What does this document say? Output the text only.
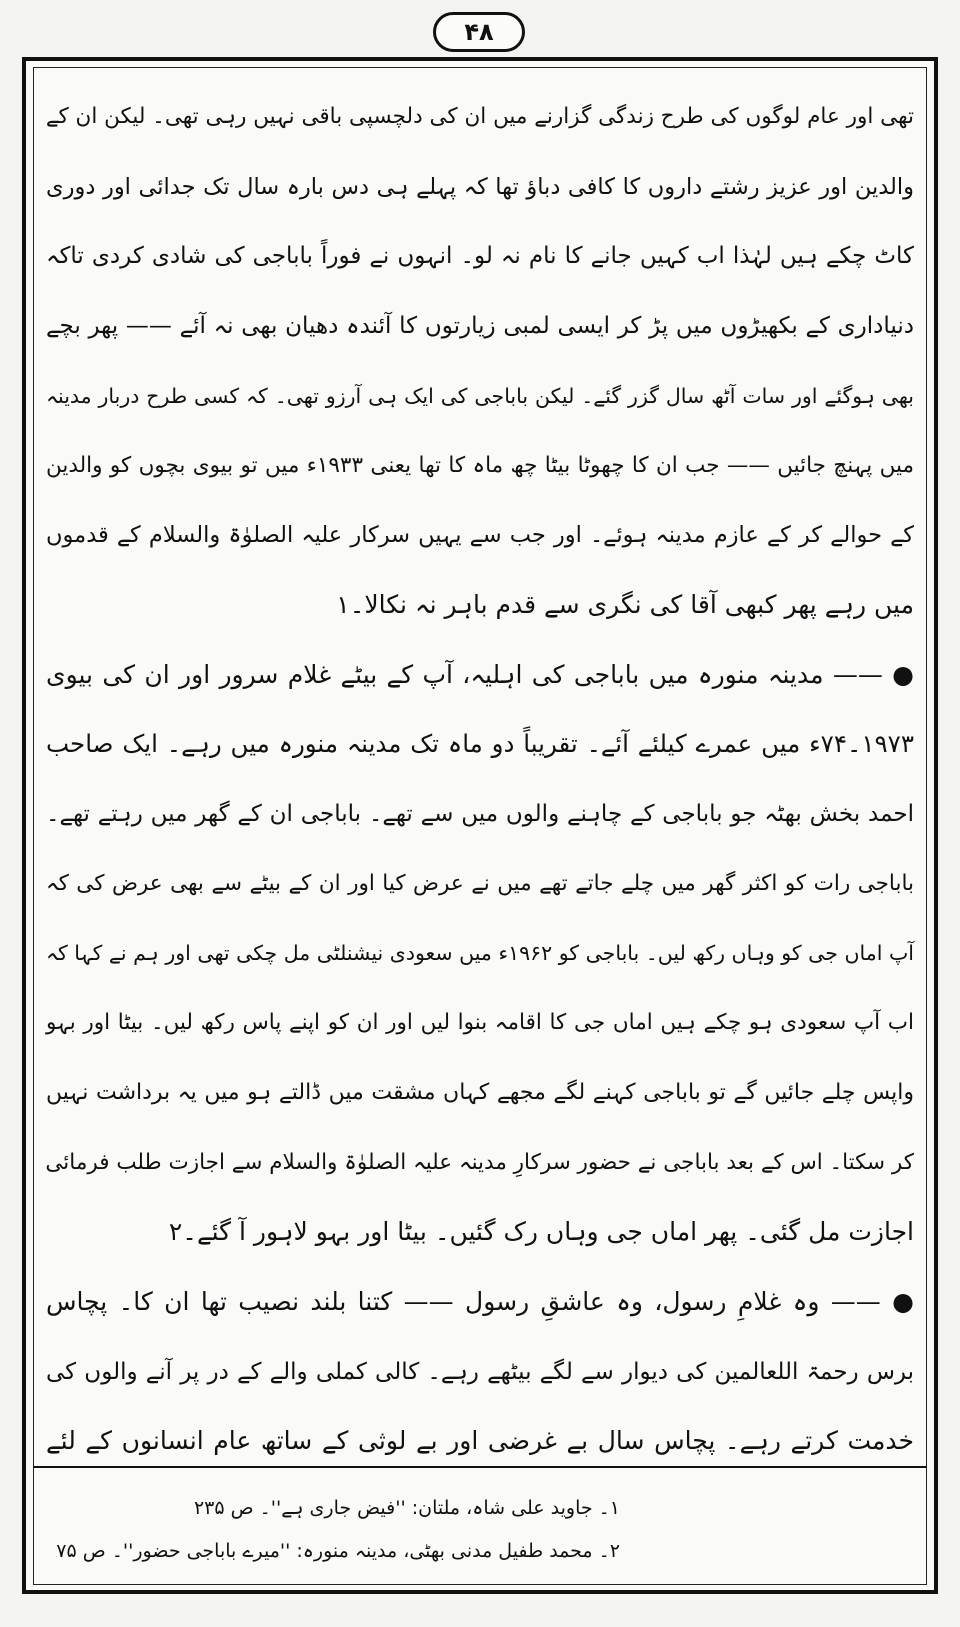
۴۸
تھی اور عام لوگوں کی طرح زندگی گزارنے میں ان کی دلچسپی باقی نہیں رہی تھی۔ لیکن ان کے
والدین اور عزیز رشتے داروں کا کافی دباؤ تھا کہ پہلے ہی دس بارہ سال تک جدائی اور دوری
کاٹ چکے ہیں لہٰذا اب کہیں جانے کا نام نہ لو۔ انہوں نے فوراً باباجی کی شادی کردی تاکہ
دنیاداری کے بکھیڑوں میں پڑ کر ایسی لمبی زیارتوں کا آئندہ دھیان بھی نہ آئے —— پھر بچے
بھی ہوگئے اور سات آٹھ سال گزر گئے۔ لیکن باباجی کی ایک ہی آرزو تھی۔ کہ کسی طرح دربار مدینہ
میں پہنچ جائیں —— جب ان کا چھوٹا بیٹا چھ ماہ کا تھا یعنی ۱۹۳۳ء میں تو بیوی بچوں کو والدین
کے حوالے کر کے عازم مدینہ ہوئے۔ اور جب سے یہیں سرکار علیہ الصلوٰۃ والسلام کے قدموں
میں رہے پھر کبھی آقا کی نگری سے قدم باہر نہ نکالا۔۱
● —— مدینہ منورہ میں باباجی کی اہلیہ، آپ کے بیٹے غلام سرور اور ان کی بیوی
۱۹۷۳۔۷۴ء میں عمرے کیلئے آئے۔ تقریباً دو ماہ تک مدینہ منورہ میں رہے۔ ایک صاحب
احمد بخش بھٹہ جو باباجی کے چاہنے والوں میں سے تھے۔ باباجی ان کے گھر میں رہتے تھے۔
باباجی رات کو اکثر گھر میں چلے جاتے تھے میں نے عرض کیا اور ان کے بیٹے سے بھی عرض کی کہ
آپ اماں جی کو وہاں رکھ لیں۔ باباجی کو ۱۹۶۲ء میں سعودی نیشنلٹی مل چکی تھی اور ہم نے کہا کہ
اب آپ سعودی ہو چکے ہیں اماں جی کا اقامہ بنوا لیں اور ان کو اپنے پاس رکھ لیں۔ بیٹا اور بہو
واپس چلے جائیں گے تو باباجی کہنے لگے مجھے کہاں مشقت میں ڈالتے ہو میں یہ برداشت نہیں
کر سکتا۔ اس کے بعد باباجی نے حضور سرکارِ مدینہ علیہ الصلوٰۃ والسلام سے اجازت طلب فرمائی
اجازت مل گئی۔ پھر اماں جی وہاں رک گئیں۔ بیٹا اور بہو لاہور آ گئے۔۲
● —— وہ غلامِ رسول، وہ عاشقِ رسول —— کتنا بلند نصیب تھا ان کا۔ پچاس
برس رحمۃ اللعالمین کی دیوار سے لگے بیٹھے رہے۔ کالی کملی والے کے در پر آنے والوں کی
خدمت کرتے رہے۔ پچاس سال بے غرضی اور بے لوثی کے ساتھ عام انسانوں کے لئے
۱۔ جاوید علی شاہ، ملتان: ''فیض جاری ہے''۔ ص ۲۳۵
۲۔ محمد طفیل مدنی بھٹی، مدینہ منورہ: ''میرے باباجی حضور''۔ ص ۷۵
